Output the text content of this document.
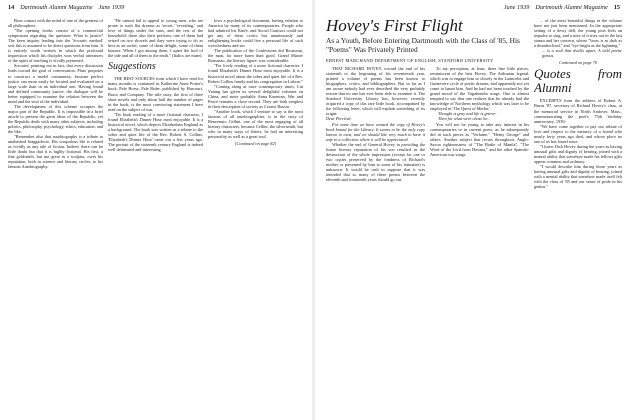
14 Dartmouth Alumni Magazine June 1939

Boas contact with the mind of one of the greatest of all philosophers.

"The opening books consist of a commercial symposium regarding the question: What is justice? The keen inquiry leading into the 'Socratic method' sets this is assumed to be direct questions from him. It is entirely worth written in which the profound impression which his disciples won verbal utterances of the spirit of teaching is vividly presented.

Socrates' pointing out in fact, that every discussion leads toward the goal of conversation. Plato proposes to construct a model community, because perfect justice can more easily be located and evaluated on a large scale than in an individual one. Having found and defined community justice, the dialogue will be better equipped to examine the relation between the mind and the soul of the individual.

The development of this scheme occupies the major part of the Republic. It is impossible in a brief article to present the great ideas of the Republic, yet the Republic deals with many other subjects, including politics, philosophy, psychology, ethics, education, and the like.

"Remember also that autobiography is a tribute to unabashed braggadocio. His scrupulous life is related as vividly as any tale of fiction. Indeed, there can be little doubt but that it is highly fictional. His first, a fine goldsmith, but not great as a sculptor, owes his reputation, both in science and literary circles, to his famous Autobiography.

"He cannot fail to appeal to young men, who are prone to such flat dreams as 'secret,' 'revealing,' and love of things under the stars, and the rest of the household; there also their perform, one of them had seized on two shovels and they were trying to do as best as an awful, some of them delight, some of them bounce. When I got among them, I upset the boil of the tide and all of them to the earth." (Italics are mine).

Suggestions

THE BEST SOURCES from which I have read for many months is contained in Katherine Anne Porter's book, Pale Horse, Pale Rider, published by Harcourt, Brace and Company. The title story, the first of three short novels and only about half the number of pages in the book, is the most convincing statement I have read on the subject of war.

"Do book reading of a more fictional character, I found Elizabeth's Dinner Hour most enjoyable. It is a historical novel, which depicts Elizabethan England as a background. The book was written as a tribute to the sober and quiet life of the Rev. Robert S. Collins, 'Elizabeth's Dinner Hour' came out a few years ago. The portrait of the sixteenth century England is indeed well delineated and interesting.

lows a psychological document, having relation to America by many of its contemporaries. People who had admired his Knife, and Social Contract could not get any of these critics but unanimously and enlightening books could live a personal life of such wretchedness and sin.

The publication of the Confessions did Rousseau, the man, far more harm than good. Grand Master Rousseau, the literary figure, was considerable.

"For lively reading of a more fictional character, I found Elizabeth's Dinner Hour most enjoyable. It is a historical novel about the sober and quiet life of a Rev. Robert Collins family and his congregation in Lisbon."

"Coming along at once contemporary times, Lin Yutang has given us several delightful volumes on China, and more probably Anna Karenina, War and Peace remains a close second. They are both simplest in their description of society as Czarist Russia.

"Another book, which I venture to say is the most famous of all autobiographies, is in the story of Benvenuto Cellini, one of the most engaging of all literary characters, because Cellini, the silversmith, but who in many ways of letters, he had an interesting personality as well as a great soul.

[Continued on page 82]

June 1939 Dartmouth Alumni Magazine 15
Hovey's First Flight
As a Youth, Before Entering Dartmouth with the Class of '85, His "Poems" Was Privately Printed
ERNEST MARCHAND DEPARTMENT OF ENGLISH, STANFORD UNIVERSITY

THAT RICHARD HOVEY, toward the end of his sixteenth or the beginning of his seventeenth year, printed a volume of poems has been known to biographers, critics, and bibliographers. But so far as I am aware nobody had ever described the very probably reason that no one has ever been able to examine it. The Stanford University Library has, however, recently acquired a copy of this rare little book, accompanied by the following letter, which will explain something of its origin:

Dear Percival:

For some time we have wanted the copy of Hovey's book bound for the Library. It seems to be the only copy known to exist, and we should like very much to have it safe in a collection where it will be appreciated.

Whether the end of General Hovey in providing the future literary reputation of his son resulted in the destruction of the whole impression (except for one or two copies preserved by the fondness of Richard's mother or presented by him to some of his intimates) is unknown. It would be rash to suppose that it was intended that so many of these poems between the eleventh and fourteenth years should go out.

To my perception, at least, there fine little pieces, reminiscent of the best Hovey. The Arthurian legend, which was to engage him so closely in the Launcelot and Guenevere cycle of poetic dramas, had apparently not yet come to haunt him. And he had not been touched by the grand mood of the Vagabondia songs. One is almost tempted to say that one realizes that he already had the knowledge of Northern mythology which was later to be employed in 'The Quest of Merlin.'

Thought is gray and life is grieve-

Then for what were chose be...

You will not be young to take any interest in his contemporaries or in current poets, as he subsequently did in such pieces as "Verlaine," "Henry George" and others. Another subject that recurs throughout. Anglo-Saxon righteousness of "The Battle of Manila", "The Word of the Lord from Havana," and the other Spanish-American war songs.

... of the most beautiful things in the volume have not just been mentioned. In the appropriate setting of a dewy dell, the young poet feels an impulse to sing, and a note of it tries out in the last stanza and her concern, whose "brow is as dark as a thundercloud," and "eye bright as the lightning."

... is a soul that dwells apart, A wild poetic genius.

Continued on page 70

Quotes from Alumni

EXCERPTS from the address of Robert A. Burns '87, secretary of Richard Hovey's class, at the memorial service in North Andover, Mass., commemorating the poet's 75th birthday anniversary, 1939:

"We have come together to pay our tribute of love and respect to the memory of a friend who nearly forty years ago died, and whose place no one of us has found since.

"I knew Dick Hovey during the years as having unusual gifts and dignity of bearing, joined with a mental ability that somehow made his fellows gifts appear common and ordinary.

"I would describe him during those years as having unusual gifts and dignity of bearing, joined with a mental ability that somehow made itself felt with the class of '85 and our sense of pride in his genius."
